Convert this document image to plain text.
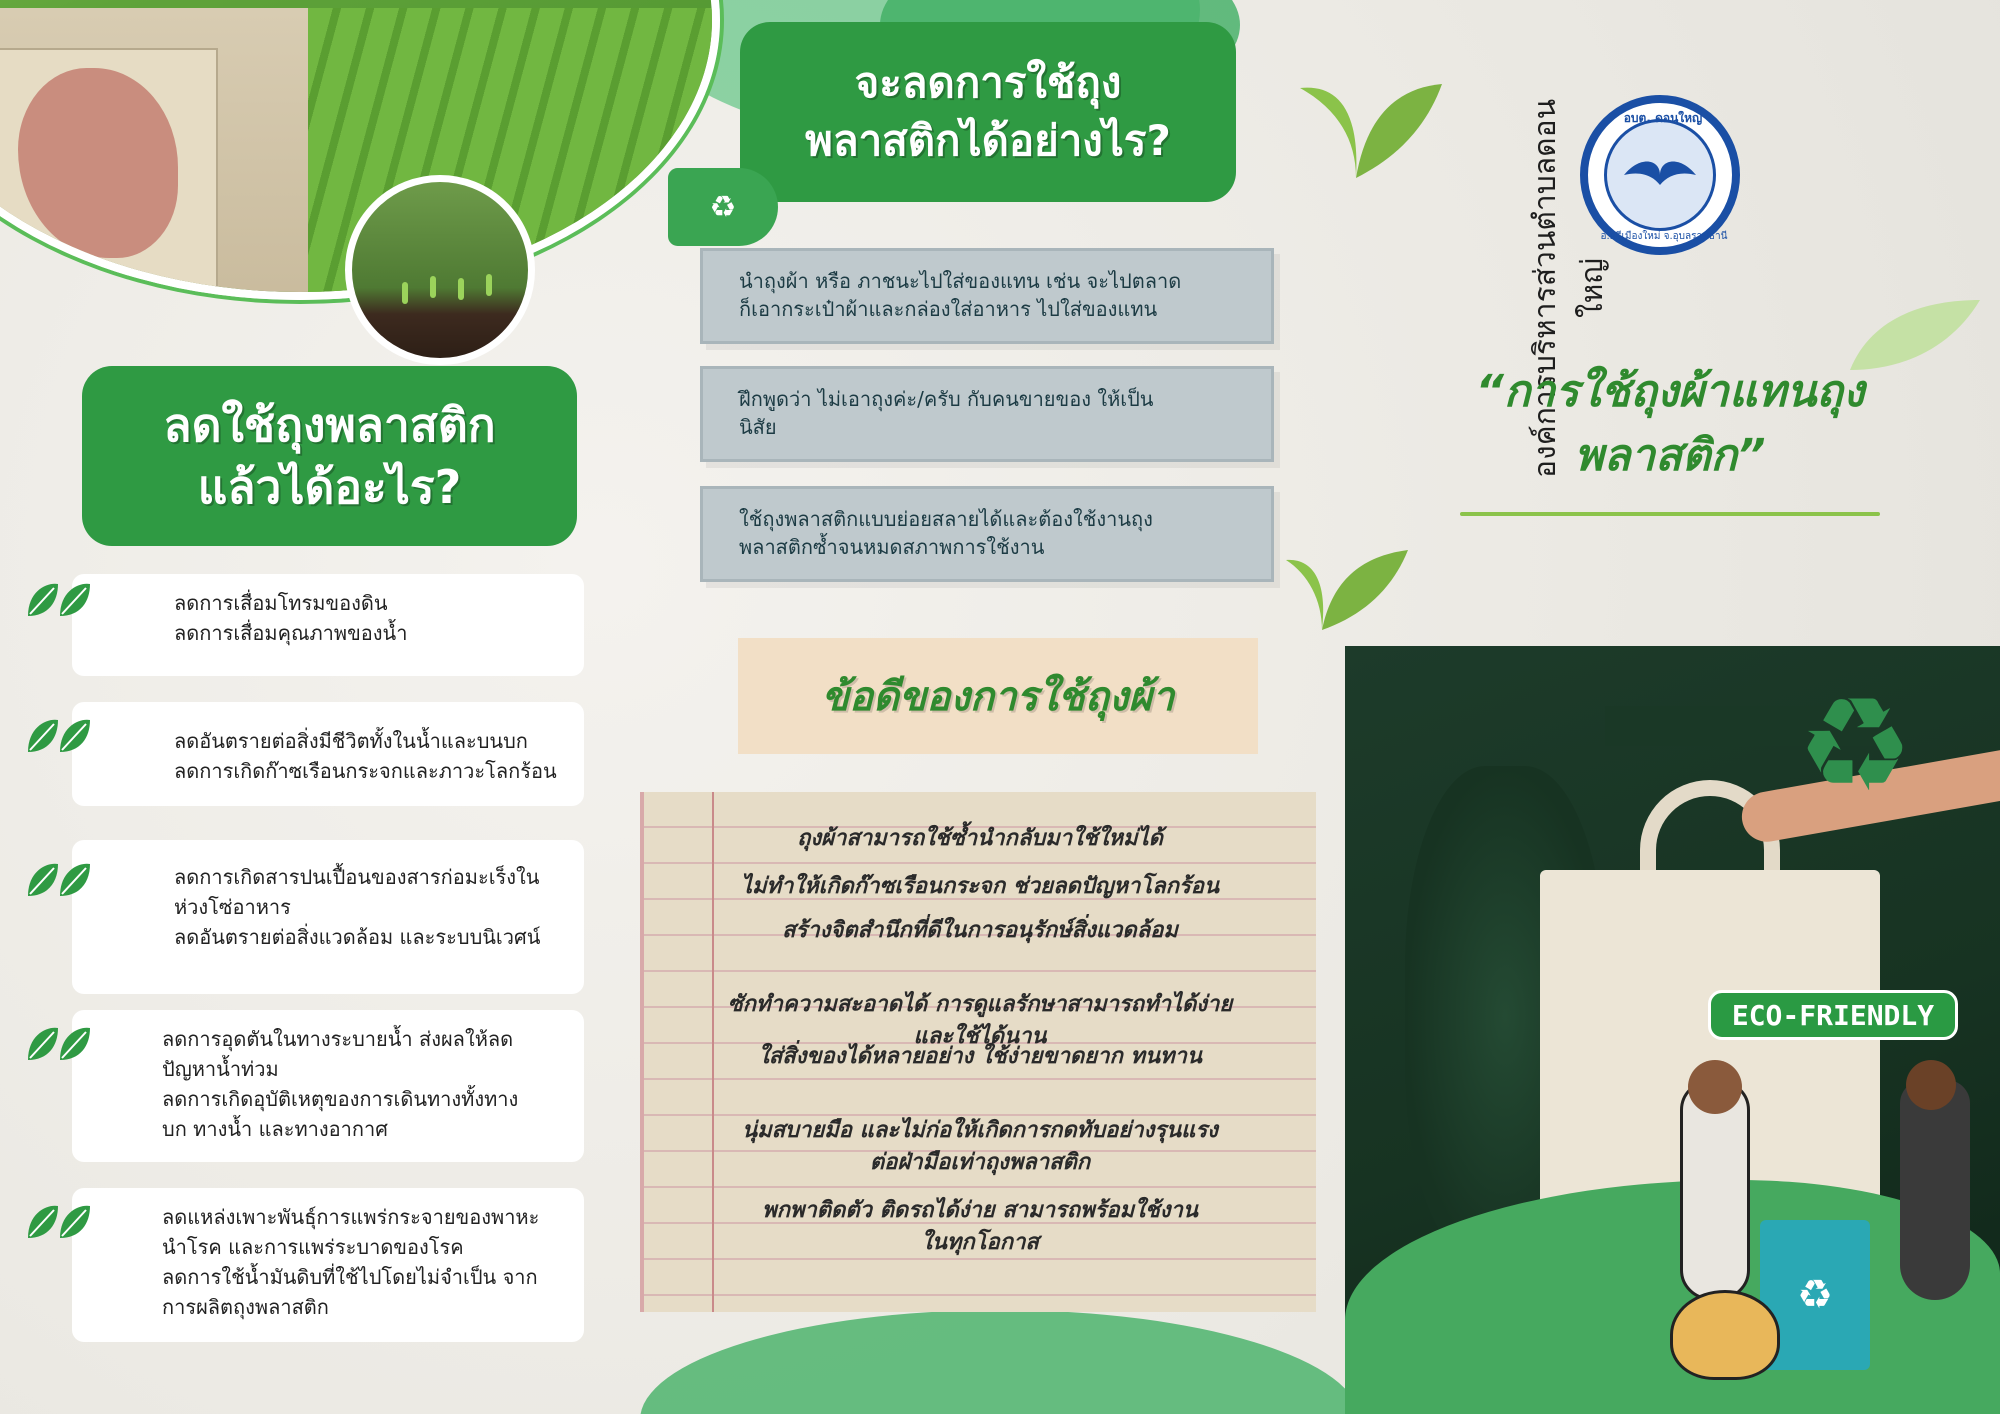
ลดใช้ถุงพลาสติก
แล้วได้อะไร?
ลดการเสื่อมโทรมของดิน
ลดการเสื่อมคุณภาพของน้ำ
ลดอันตรายต่อสิ่งมีชีวิตทั้งในน้ำและบนบก
ลดการเกิดก๊าซเรือนกระจกและภาวะโลกร้อน
ลดการเกิดสารปนเปื้อนของสารก่อมะเร็งใน
ห่วงโซ่อาหาร
ลดอันตรายต่อสิ่งแวดล้อม และระบบนิเวศน์
ลดการอุดตันในทางระบายน้ำ ส่งผลให้ลด
ปัญหาน้ำท่วม
ลดการเกิดอุบัติเหตุของการเดินทางทั้งทาง
บก ทางน้ำ และทางอากาศ
ลดแหล่งเพาะพันธุ์การแพร่กระจายของพาหะ
นำโรค และการแพร่ระบาดของโรค
ลดการใช้น้ำมันดิบที่ใช้ไปโดยไม่จำเป็น จาก
การผลิตถุงพลาสติก
จะลดการใช้ถุง
พลาสติกได้อย่างไร?
♻
นำถุงผ้า หรือ ภาชนะไปใส่ของแทน เช่น จะไปตลาด
ก็เอากระเป๋าผ้าและกล่องใส่อาหาร ไปใส่ของแทน
ฝึกพูดว่า ไม่เอาถุงค่ะ/ครับ กับคนขายของ ให้เป็น
นิสัย
ใช้ถุงพลาสติกแบบย่อยสลายได้และต้องใช้งานถุง
พลาสติกซ้ำจนหมดสภาพการใช้งาน
ข้อดีของการใช้ถุงผ้า
ถุงผ้าสามารถใช้ซ้ำนำกลับมาใช้ใหม่ได้
ไม่ทำให้เกิดก๊าซเรือนกระจก ช่วยลดปัญหาโลกร้อน
สร้างจิตสำนึกที่ดีในการอนุรักษ์สิ่งแวดล้อม

ซักทำความสะอาดได้ การดูแลรักษาสามารถทำได้ง่าย
และใช้ได้นาน

ใส่สิ่งของได้หลายอย่าง ใช้ง่ายขาดยาก ทนทาน

นุ่มสบายมือ และไม่ก่อให้เกิดการกดทับอย่างรุนแรง
ต่อฝ่ามือเท่าถุงพลาสติก

พกพาติดตัว ติดรถได้ง่าย สามารถพร้อมใช้งาน
ในทุกโอกาส

อบต. ดอนใหญ่
อ.ศรีเมืองใหม่ จ.อุบลราชธานี
องค์การบริหารส่วนตำบลดอนใหญ่
“การใช้ถุงผ้าแทนถุง
พลาสติก”
♻
♻
ECO-FRIENDLY
